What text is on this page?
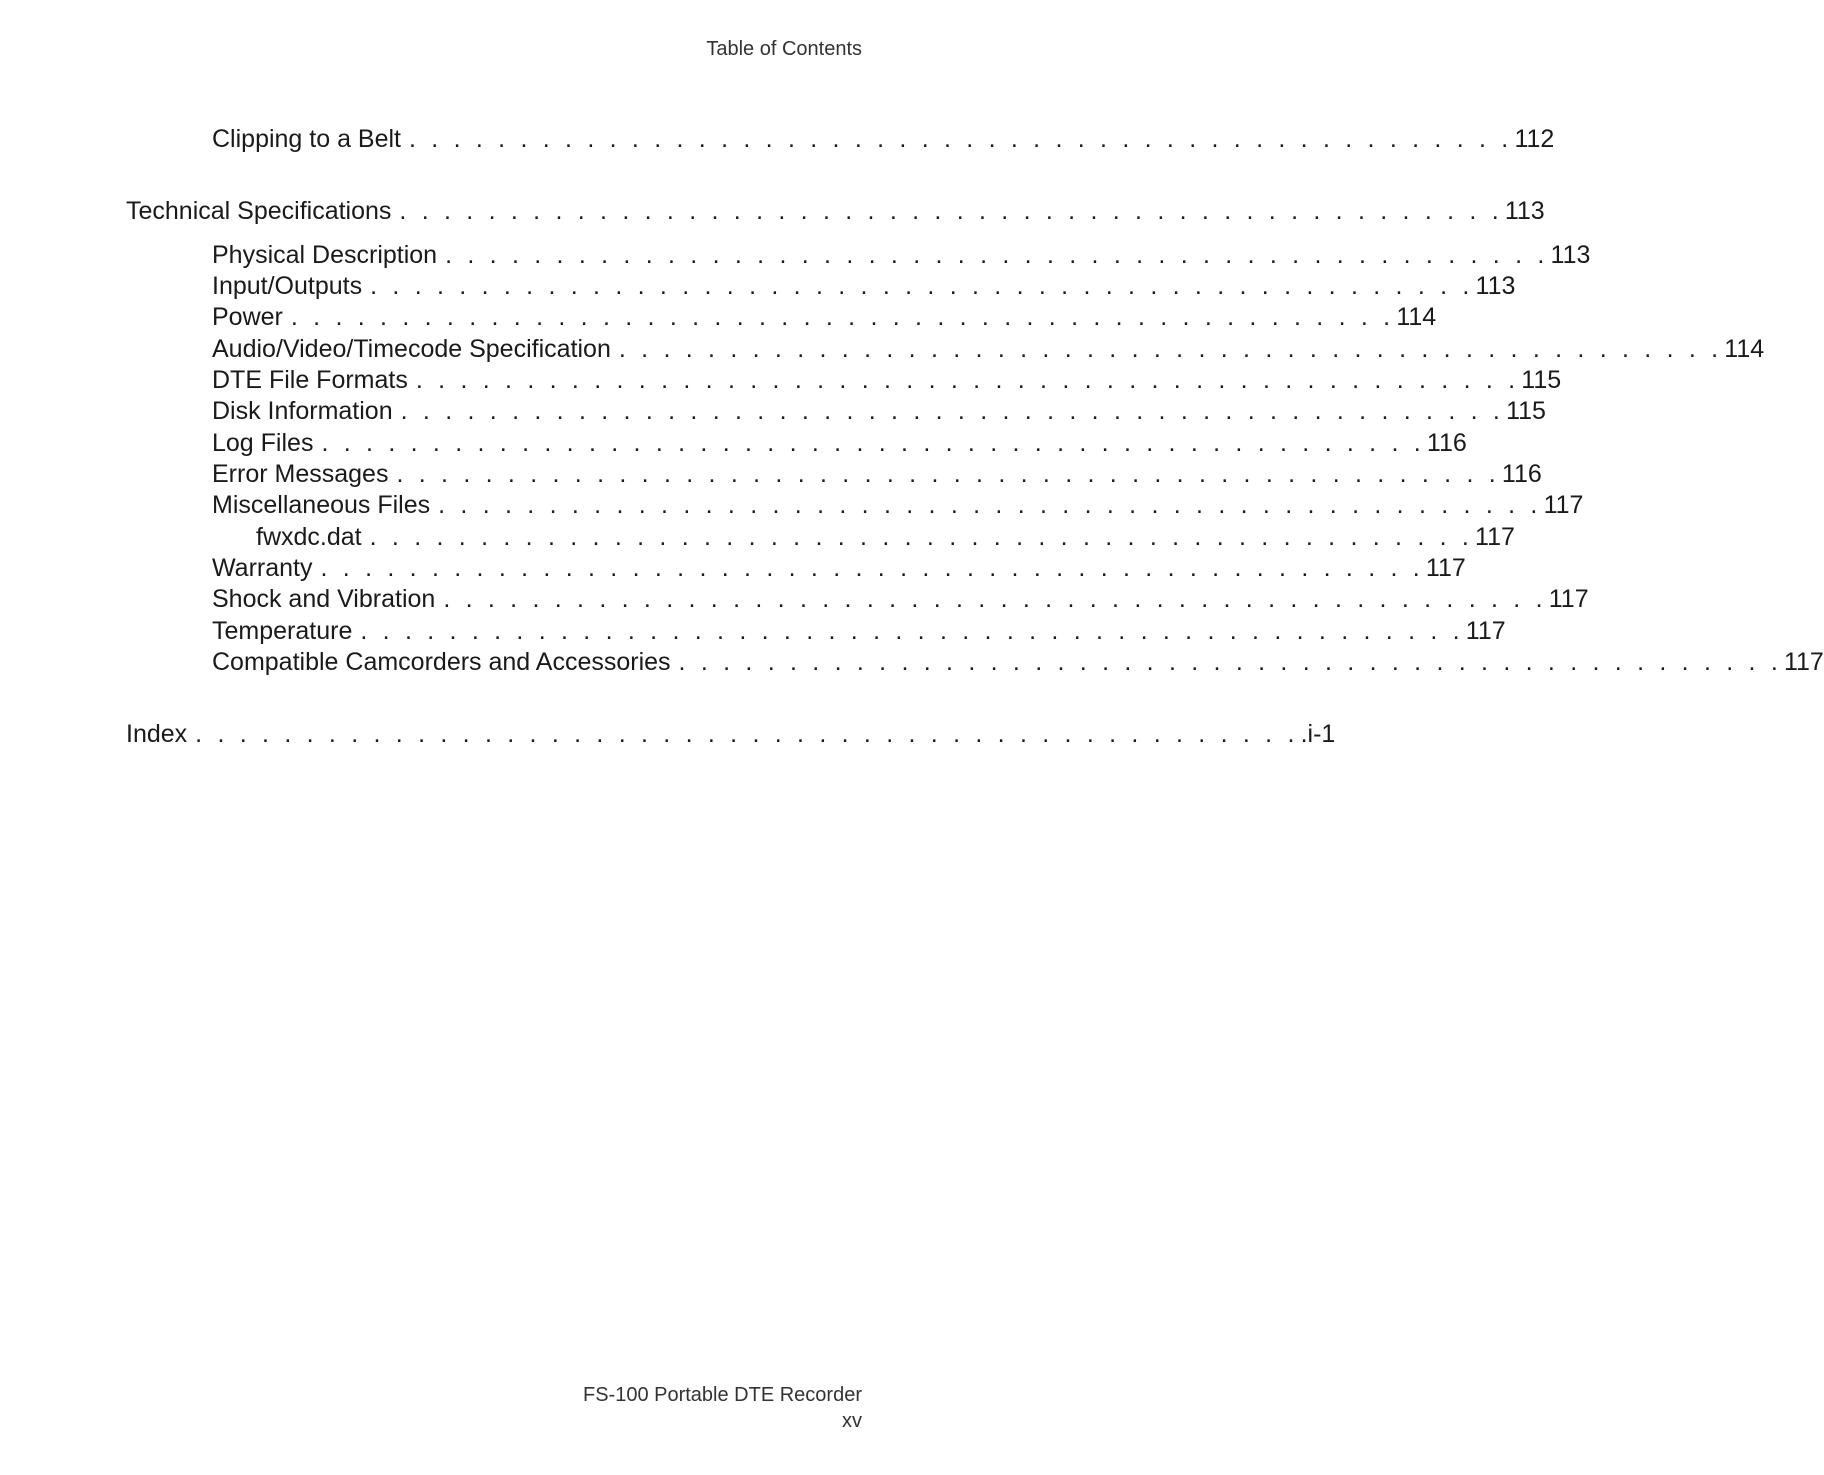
Table of Contents
Clipping to a Belt . . . . . . . . . . . . . . . . . . . . . . . . . . . . . . . . . . . . . . . . . . . . . . . . . . 112
Technical Specifications . . . . . . . . . . . . . . . . . . . . . . . . . . . . . . . . . . . . . . . . . . . . . . . . . . 113
Physical Description . . . . . . . . . . . . . . . . . . . . . . . . . . . . . . . . . . . . . . . . . . . . . . . . . . 113
Input/Outputs . . . . . . . . . . . . . . . . . . . . . . . . . . . . . . . . . . . . . . . . . . . . . . . . . . 113
Power . . . . . . . . . . . . . . . . . . . . . . . . . . . . . . . . . . . . . . . . . . . . . . . . . . 114
Audio/Video/Timecode Specification . . . . . . . . . . . . . . . . . . . . . . . . . . . . . . . . . . . . . . . . . . . . . . . . . . 114
DTE File Formats . . . . . . . . . . . . . . . . . . . . . . . . . . . . . . . . . . . . . . . . . . . . . . . . . . 115
Disk Information . . . . . . . . . . . . . . . . . . . . . . . . . . . . . . . . . . . . . . . . . . . . . . . . . . 115
Log Files . . . . . . . . . . . . . . . . . . . . . . . . . . . . . . . . . . . . . . . . . . . . . . . . . . 116
Error Messages . . . . . . . . . . . . . . . . . . . . . . . . . . . . . . . . . . . . . . . . . . . . . . . . . . 116
Miscellaneous Files . . . . . . . . . . . . . . . . . . . . . . . . . . . . . . . . . . . . . . . . . . . . . . . . . . 117
fwxdc.dat . . . . . . . . . . . . . . . . . . . . . . . . . . . . . . . . . . . . . . . . . . . . . . . . . . 117
Warranty . . . . . . . . . . . . . . . . . . . . . . . . . . . . . . . . . . . . . . . . . . . . . . . . . . 117
Shock and Vibration . . . . . . . . . . . . . . . . . . . . . . . . . . . . . . . . . . . . . . . . . . . . . . . . . . 117
Temperature . . . . . . . . . . . . . . . . . . . . . . . . . . . . . . . . . . . . . . . . . . . . . . . . . . 117
Compatible Camcorders and Accessories . . . . . . . . . . . . . . . . . . . . . . . . . . . . . . . . . . . . . . . . . . . . . . . . . . 117
Index . . . . . . . . . . . . . . . . . . . . . . . . . . . . . . . . . . . . . . . . . . . . . . . . . . .i-1
FS-100 Portable DTE Recorder
xv
